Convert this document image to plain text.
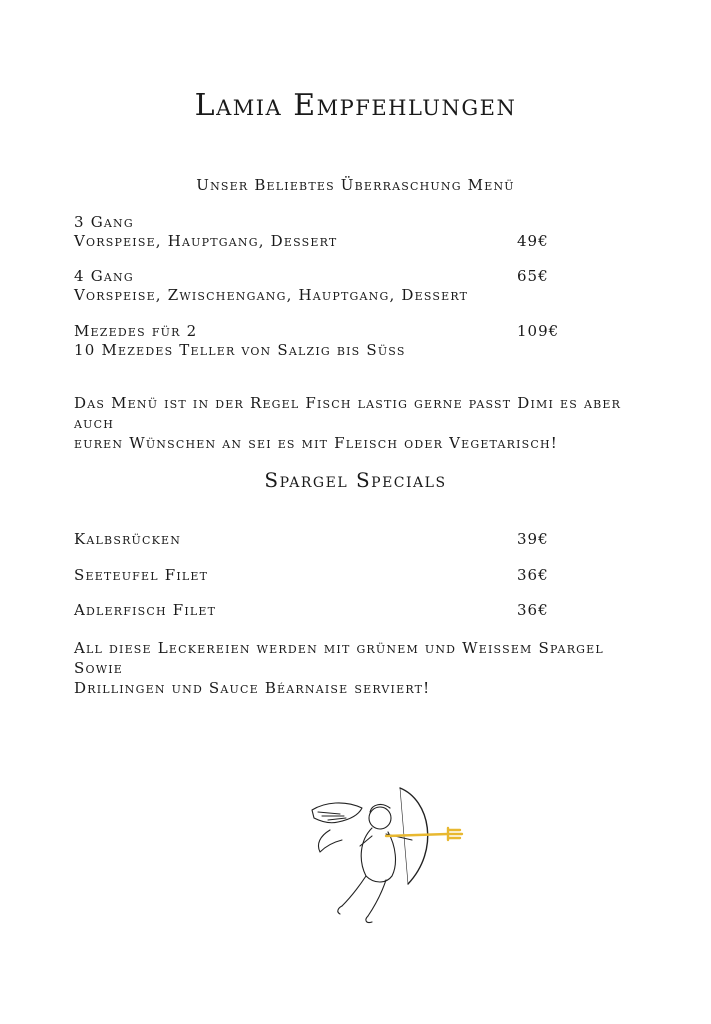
Lamia Empfehlungen
Unser Beliebtes Überraschung Menü
3 Gang
Vorspeise, Hauptgang, Dessert	49€
4 Gang	65€
Vorspeise, Zwischengang, Hauptgang, Dessert
Mezedes für 2	109€
10 Mezedes Teller von Salzig bis Süss
Das Menü ist in der Regel Fisch lastig gerne passt Dimi es aber auch
euren Wünschen an sei es mit Fleisch oder Vegetarisch!
Spargel Specials
Kalbsrücken	39€
Seeteufel Filet	36€
Adlerfisch Filet	36€
All diese Leckereien werden mit grünem und Weissem Spargel Sowie
Drillingen und Sauce Béarnaise serviert!
